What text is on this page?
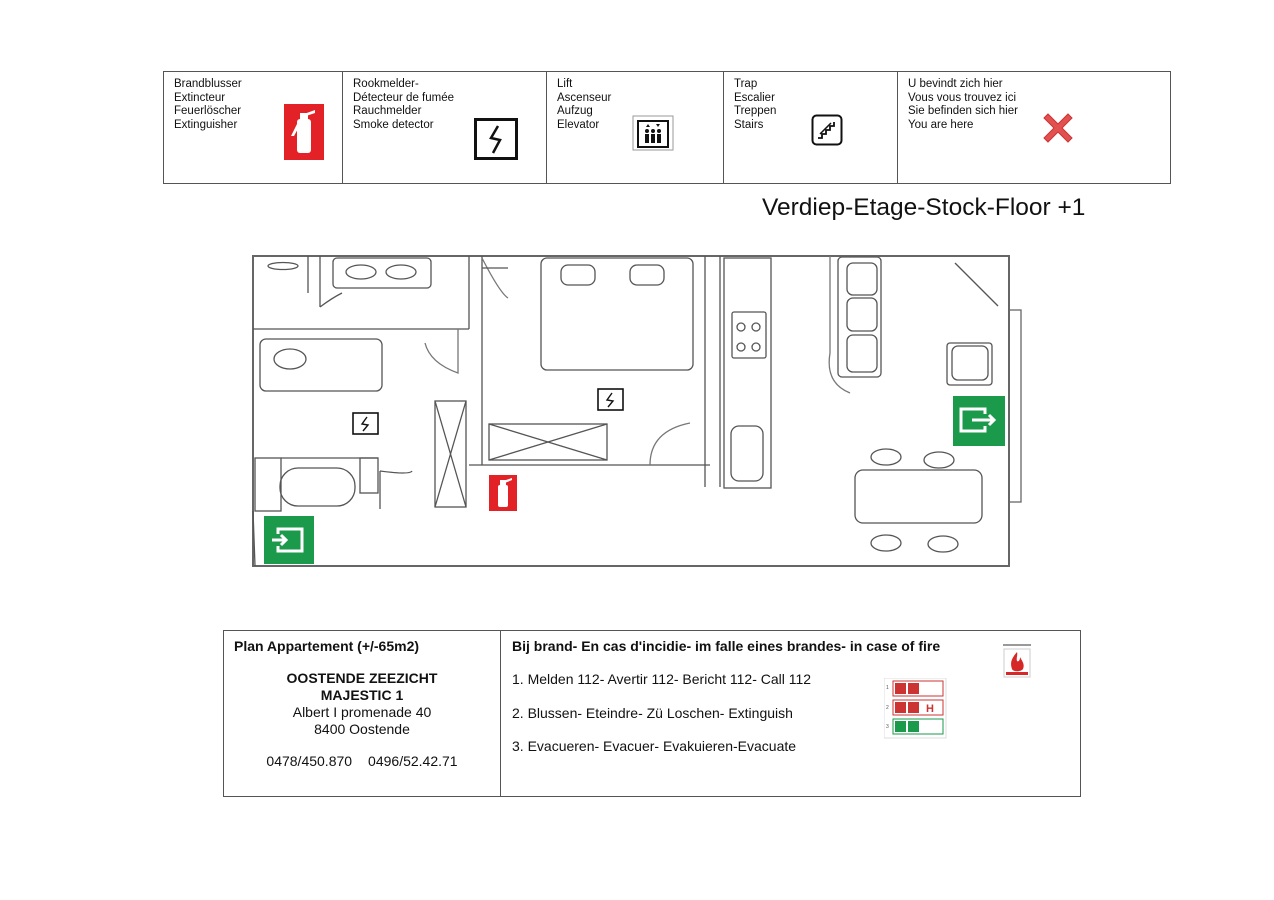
Brandblusser
Extincteur
Feuerlöscher
Extinguisher
Rookmelder-
Détecteur de fumée
Rauchmelder
Smoke detector
Lift
Ascenseur
Aufzug
Elevator
Trap
Escalier
Treppen
Stairs
U bevindt zich hier
Vous vous trouvez ici
Sie befinden sich hier
You are here
Verdiep-Etage-Stock-Floor +1
Plan Appartement (+/-65m2)
OOSTENDE ZEEZICHT
MAJESTIC 1
Albert I promenade 40
8400 Oostende
0478/450.870 0496/52.42.71
Bij brand- En cas d'incidie- im falle eines brandes- in case of fire
1. Melden 112- Avertir 112- Bericht 112- Call 112
2. Blussen- Eteindre- Zü Loschen- Extinguish
3. Evacueren- Evacuer- Evakuieren-Evacuate
1
2
3
H
